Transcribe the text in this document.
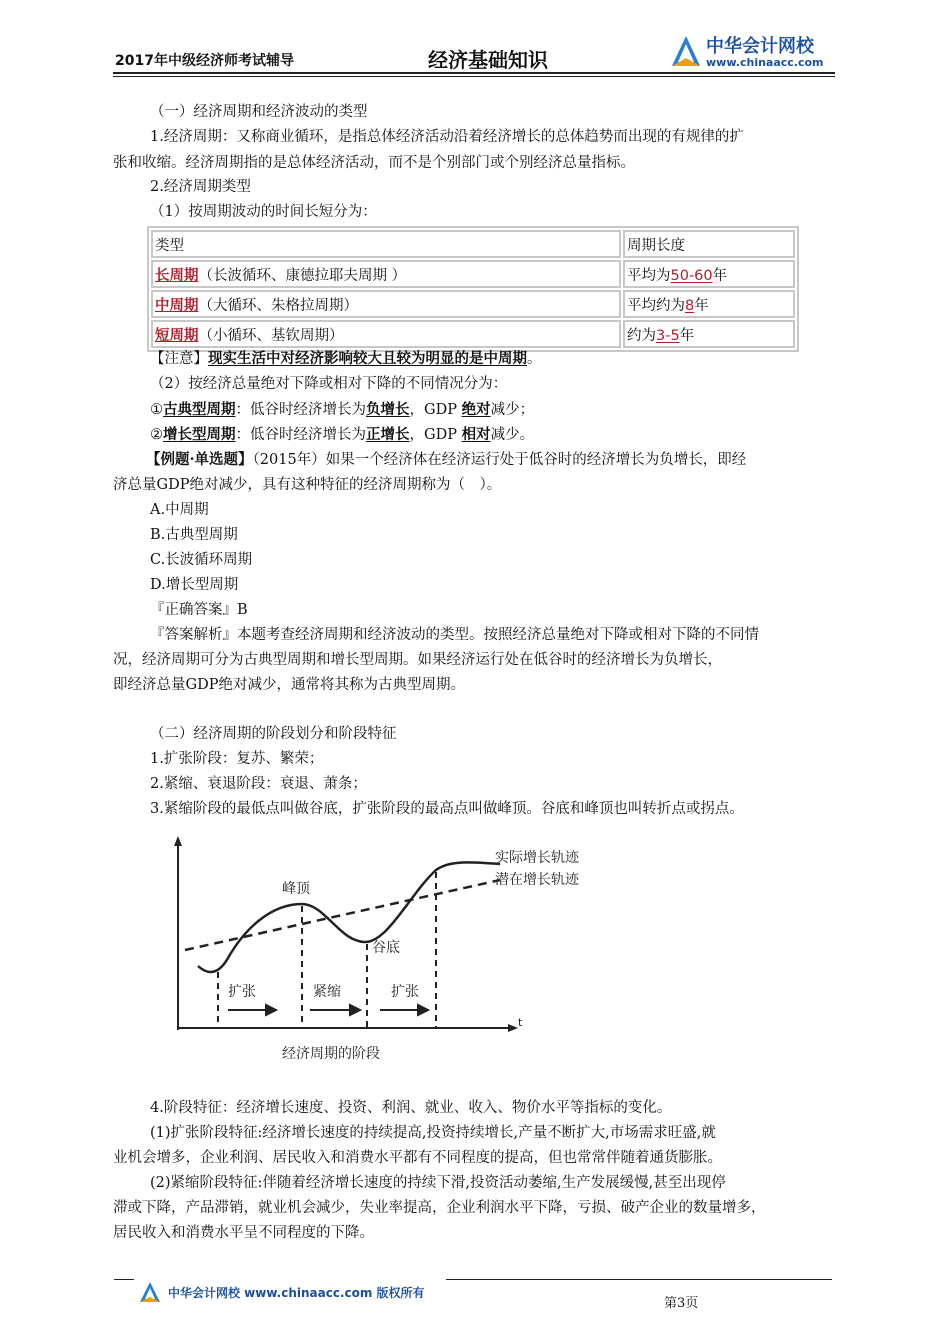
2017年中级经济师考试辅导	经济基础知识
中华会计网校
www.chinaacc.com
（一）经济周期和经济波动的类型
1.经济周期：又称商业循环，是指总体经济活动沿着经济增长的总体趋势而出现的有规律的扩
张和收缩。经济周期指的是总体经济活动，而不是个别部门或个别经济总量指标。
2.经济周期类型
（1）按周期波动的时间长短分为：
类型	周期长度
长周期（长波循环、康德拉耶夫周期 ）	平均为50-60年
中周期（大循环、朱格拉周期）	平均约为8年
短周期（小循环、基钦周期）	约为3-5年
【注意】现实生活中对经济影响较大且较为明显的是中周期。
（2）按经济总量绝对下降或相对下降的不同情况分为：
①古典型周期：低谷时经济增长为负增长，GDP 绝对减少；
②增长型周期：低谷时经济增长为正增长，GDP 相对减少。
【例题·单选题】（2015年）如果一个经济体在经济运行处于低谷时的经济增长为负增长，即经
济总量GDP绝对减少，具有这种特征的经济周期称为（　）。
A.中周期
B.古典型周期
C.长波循环周期
D.增长型周期
『正确答案』B
『答案解析』本题考查经济周期和经济波动的类型。按照经济总量绝对下降或相对下降的不同情
况，经济周期可分为古典型周期和增长型周期。如果经济运行处在低谷时的经济增长为负增长，
即经济总量GDP绝对减少，通常将其称为古典型周期。
（二）经济周期的阶段划分和阶段特征
1.扩张阶段：复苏、繁荣；
2.紧缩、衰退阶段：衰退、萧条；
3.紧缩阶段的最低点叫做谷底，扩张阶段的最高点叫做峰顶。谷底和峰顶也叫转折点或拐点。
t
峰顶
谷底
扩张	紧缩	扩张
实际增长轨迹
潜在增长轨迹
经济周期的阶段
4.阶段特征：经济增长速度、投资、利润、就业、收入、物价水平等指标的变化。
(1)扩张阶段特征:经济增长速度的持续提高,投资持续增长,产量不断扩大,市场需求旺盛,就
业机会增多，企业利润、居民收入和消费水平都有不同程度的提高，但也常常伴随着通货膨胀。
(2)紧缩阶段特征:伴随着经济增长速度的持续下滑,投资活动萎缩,生产发展缓慢,甚至出现停
滞或下降，产品滞销，就业机会减少，失业率提高，企业利润水平下降，亏损、破产企业的数量增多，
居民收入和消费水平呈不同程度的下降。
中华会计网校 www.chinaacc.com 版权所有
第3页
